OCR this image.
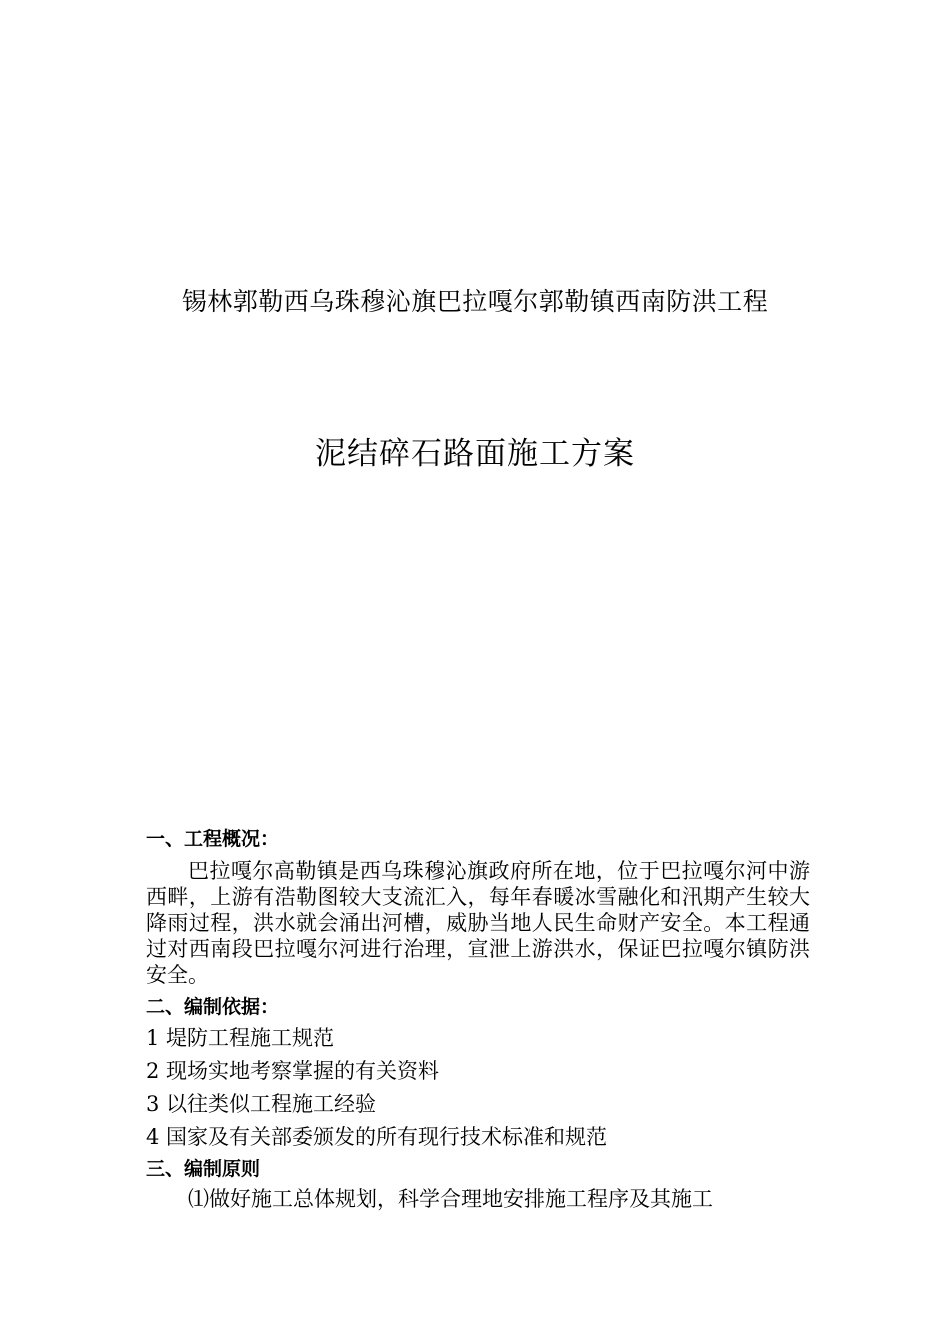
锡林郭勒西乌珠穆沁旗巴拉嘎尔郭勒镇西南防洪工程
泥结碎石路面施工方案
一、工程概况：
巴拉嘎尔高勒镇是西乌珠穆沁旗政府所在地，位于巴拉嘎尔河中游西畔，上游有浩勒图较大支流汇入，每年春暖冰雪融化和汛期产生较大降雨过程，洪水就会涌出河槽，威胁当地人民生命财产安全。本工程通过对西南段巴拉嘎尔河进行治理，宣泄上游洪水，保证巴拉嘎尔镇防洪安全。
二、编制依据：
1 堤防工程施工规范
2 现场实地考察掌握的有关资料
3 以往类似工程施工经验
4 国家及有关部委颁发的所有现行技术标准和规范
三、编制原则
⑴做好施工总体规划，科学合理地安排施工程序及其施工
